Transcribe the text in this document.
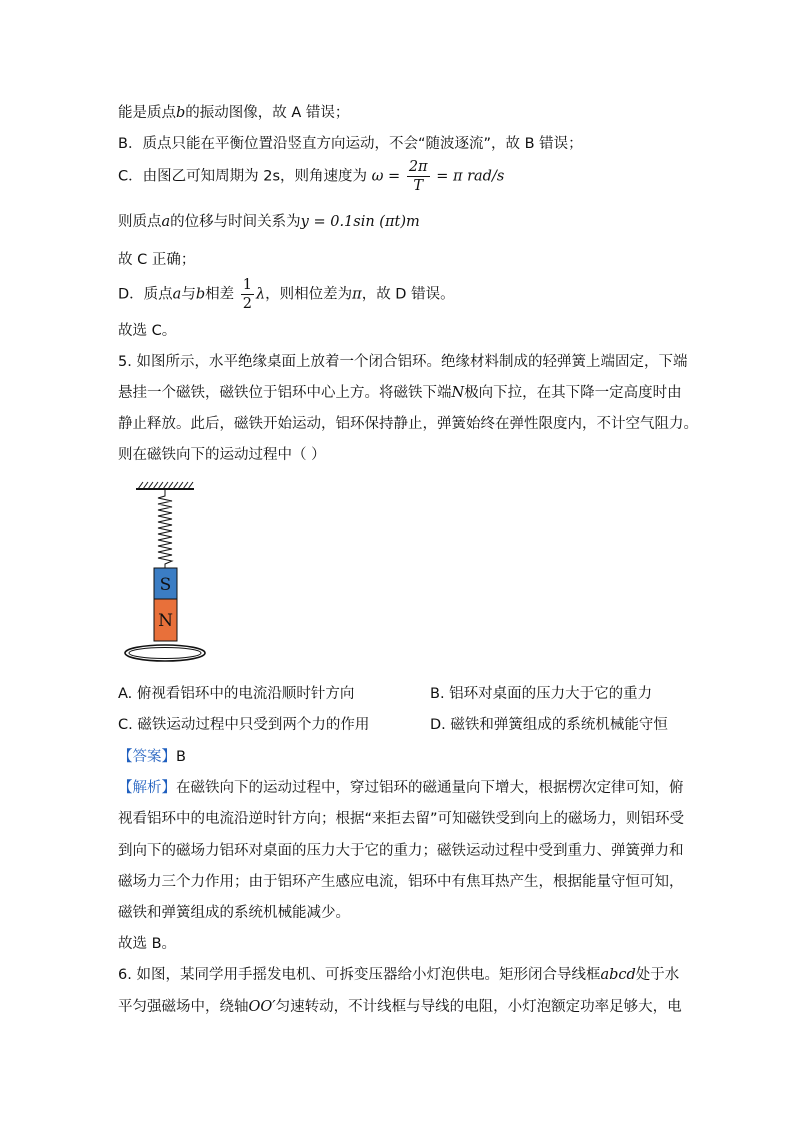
能是质点b的振动图像，故 A 错误；
B．质点只能在平衡位置沿竖直方向运动，不会“随波逐流”，故 B 错误；
C．由图乙可知周期为 2s，则角速度为 $\omega = \frac{2\pi}{T} = \pi$ rad/s
则质点a的位移与时间关系为y = 0.1sin (πt)m
故 C 正确；
D．质点a与b相差 $\frac{1}{2}$ λ，则相位差为π，故 D 错误。
故选 C。
5. 如图所示，水平绝缘桌面上放着一个闭合铝环。绝缘材料制成的轻弹簧上端固定，下端
悬挂一个磁铁，磁铁位于铝环中心上方。将磁铁下端N极向下拉，在其下降一定高度时由
静止释放。此后，磁铁开始运动，铝环保持静止，弹簧始终在弹性限度内，不计空气阻力。
则在磁铁向下的运动过程中（ ）
S
N
A. 俯视看铝环中的电流沿顺时针方向	B. 铝环对桌面的压力大于它的重力
C. 磁铁运动过程中只受到两个力的作用	D. 磁铁和弹簧组成的系统机械能守恒
【答案】B
【解析】在磁铁向下的运动过程中，穿过铝环的磁通量向下增大，根据楞次定律可知，俯
视看铝环中的电流沿逆时针方向；根据“来拒去留”可知磁铁受到向上的磁场力，则铝环受
到向下的磁场力铝环对桌面的压力大于它的重力；磁铁运动过程中受到重力、弹簧弹力和
磁场力三个力作用；由于铝环产生感应电流，铝环中有焦耳热产生，根据能量守恒可知，
磁铁和弹簧组成的系统机械能减少。
故选 B。
6. 如图，某同学用手摇发电机、可拆变压器给小灯泡供电。矩形闭合导线框abcd处于水
平匀强磁场中，绕轴OO′匀速转动，不计线框与导线的电阻，小灯泡额定功率足够大，电
